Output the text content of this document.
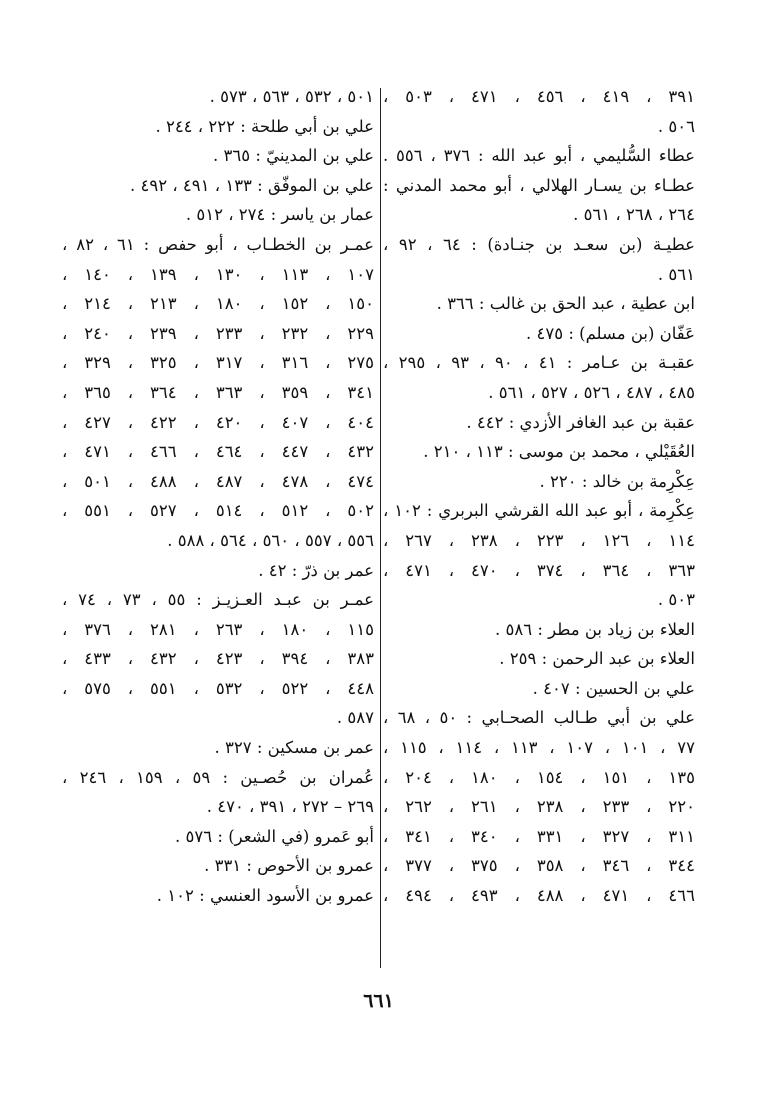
٣٩١ ، ٤١٩ ، ٤٥٦ ، ٤٧١ ، ٥٠٣ ،
٥٠٦ .
عطاء السُّليمي ، أبو عبد الله : ٣٧٦ ، ٥٥٦ .
عطـاء بن يسـار الهلالي ، أبو محمد المدني :
٢٦٤ ، ٢٦٨ ، ٥٦١ .
عطيـة (بن سعـد بن جنـادة) : ٦٤ ، ٩٢ ،
٥٦١ .
ابن عطية ، عبد الحق بن غالب : ٣٦٦ .
عَفّان (بن مسلم) : ٤٧٥ .
عقبـة بن عـامر : ٤١ ، ٩٠ ، ٩٣ ، ٢٩٥ ،
٤٨٥ ، ٤٨٧ ، ٥٢٦ ، ٥٢٧ ، ٥٦١ .
عقبة بن عبد الغافر الأزدي : ٤٤٢ .
العُقَيْلي ، محمد بن موسى : ١١٣ ، ٢١٠ .
عِكْرِمة بن خالد : ٢٢٠ .
عِكْرِمة ، أبو عبد الله القرشي البربري : ١٠٢ ،
١١٤ ، ١٢٦ ، ٢٢٣ ، ٢٣٨ ، ٢٦٧ ،
٣٦٣ ، ٣٦٤ ، ٣٧٤ ، ٤٧٠ ، ٤٧١ ،
٥٠٣ .
العلاء بن زياد بن مطر : ٥٨٦ .
العلاء بن عبد الرحمن : ٢٥٩ .
علي بن الحسين : ٤٠٧ .
علي بن أبي طـالب الصحـابي : ٥٠ ، ٦٨ ،
٧٧ ، ١٠١ ، ١٠٧ ، ١١٣ ، ١١٤ ، ١١٥ ،
١٣٥ ، ١٥١ ، ١٥٤ ، ١٨٠ ، ٢٠٤ ،
٢٢٠ ، ٢٣٣ ، ٢٣٨ ، ٢٦١ ، ٢٦٢ ،
٣١١ ، ٣٢٧ ، ٣٣١ ، ٣٤٠ ، ٣٤١ ،
٣٤٤ ، ٣٤٦ ، ٣٥٨ ، ٣٧٥ ، ٣٧٧ ،
٤٦٦ ، ٤٧١ ، ٤٨٨ ، ٤٩٣ ، ٤٩٤ ،
٥٠١ ، ٥٣٢ ، ٥٦٣ ، ٥٧٣ .
علي بن أبي طلحة : ٢٢٢ ، ٢٤٤ .
علي بن المدينيّ : ٣٦٥ .
علي بن الموفّق : ١٣٣ ، ٤٩١ ، ٤٩٢ .
عمار بن ياسر : ٢٧٤ ، ٥١٢ .
عمـر بن الخطـاب ، أبو حفص : ٦١ ، ٨٢ ،
١٠٧ ، ١١٣ ، ١٣٠ ، ١٣٩ ، ١٤٠ ،
١٥٠ ، ١٥٢ ، ١٨٠ ، ٢١٣ ، ٢١٤ ،
٢٢٩ ، ٢٣٢ ، ٢٣٣ ، ٢٣٩ ، ٢٤٠ ،
٢٧٥ ، ٣١٦ ، ٣١٧ ، ٣٢٥ ، ٣٢٩ ،
٣٤١ ، ٣٥٩ ، ٣٦٣ ، ٣٦٤ ، ٣٦٥ ،
٤٠٤ ، ٤٠٧ ، ٤٢٠ ، ٤٢٢ ، ٤٢٧ ،
٤٣٢ ، ٤٤٧ ، ٤٦٤ ، ٤٦٦ ، ٤٧١ ،
٤٧٤ ، ٤٧٨ ، ٤٨٧ ، ٤٨٨ ، ٥٠١ ،
٥٠٢ ، ٥١٢ ، ٥١٤ ، ٥٢٧ ، ٥٥١ ،
٥٥٦ ، ٥٥٧ ، ٥٦٠ ، ٥٦٤ ، ٥٨٨ .
عمر بن ذرّ : ٤٢ .
عمـر بن عبـد العـزيـز : ٥٥ ، ٧٣ ، ٧٤ ،
١١٥ ، ١٨٠ ، ٢٦٣ ، ٢٨١ ، ٣٧٦ ،
٣٨٣ ، ٣٩٤ ، ٤٢٣ ، ٤٣٢ ، ٤٣٣ ،
٤٤٨ ، ٥٢٢ ، ٥٣٢ ، ٥٥١ ، ٥٧٥ ،
٥٨٧ .
عمر بن مسكين : ٣٢٧ .
عُمران بن حُصـين : ٥٩ ، ١٥٩ ، ٢٤٦ ،
٢٦٩ – ٢٧٢ ، ٣٩١ ، ٤٧٠ .
أبو عَمرو (في الشعر) : ٥٧٦ .
عمرو بن الأحوص : ٣٣١ .
عمرو بن الأسود العنسي : ١٠٢ .
٦٦١
